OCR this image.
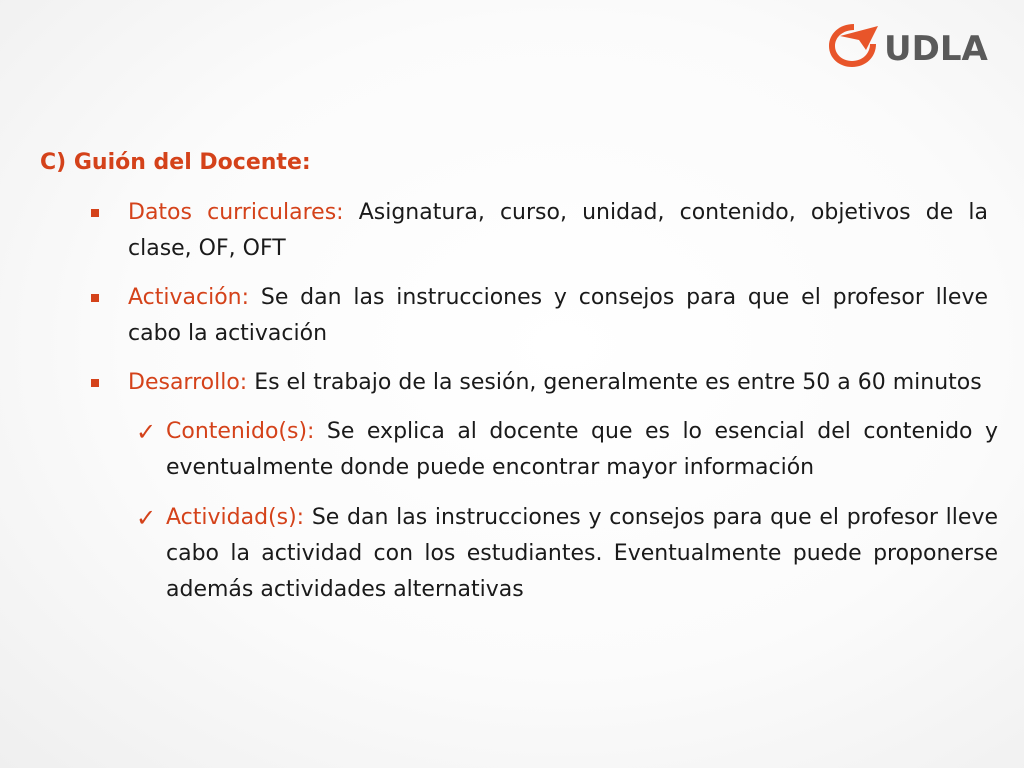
UDLA
C) Guión del Docente:
Datos curriculares: Asignatura, curso, unidad, contenido, objetivos de la clase, OF, OFT
Activación: Se dan las instrucciones y consejos para que el profesor lleve cabo la activación
Desarrollo: Es el trabajo de la sesión, generalmente es entre 50 a 60 minutos
✓ Contenido(s): Se explica al docente que es lo esencial del contenido y eventualmente donde puede encontrar mayor información
✓ Actividad(s): Se dan las instrucciones y consejos para que el profesor lleve cabo la actividad con los estudiantes. Eventualmente puede proponerse además actividades alternativas
